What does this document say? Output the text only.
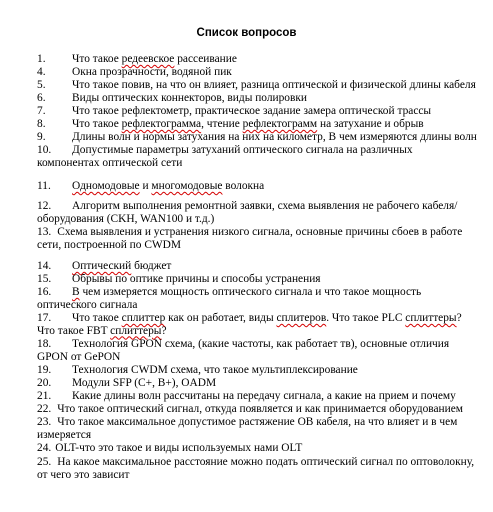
Список вопросов
1. Что такое редеевское рассеивание
4. Окна прозрачности, водяной пик
5. Что такое повив, на что он влияет, разница оптической и физической длины кабеля
6. Виды оптических коннекторов, виды полировки
7. Что такое рефлектометр, практическое задание замера оптической трассы
8. Что такое рефлектограмма, чтение рефлектограмм на затухание и обрыв
9. Длины волн и нормы затухания на них на километр, В чем измеряются длины волн
10. Допустимые параметры затуханий оптического сигнала на различных компонентах оптической сети
11. Одномодовые и многомодовые волокна
12. Алгоритм выполнения ремонтной заявки, схема выявления не рабочего кабеля/оборудования (CKH, WAN100 и т.д.)
13. Схема выявления и устранения низкого сигнала, основные причины сбоев в работе сети, построенной по CWDM
14. Оптический бюджет
15. Обрывы по оптике причины и способы устранения
16. В чем измеряется мощность оптического сигнала и что такое мощность оптического сигнала
17. Что такое сплиттер как он работает, виды сплитеров. Что такое PLC сплиттеры? Что такое FBT сплиттеры?
18. Технология GPON схема, (какие частоты, как работает тв), основные отличия GPON от GePON
19. Технология CWDM схема, что такое мультиплексирование
20. Модули SFP (C+, B+), OADM
21. Какие длины волн рассчитаны на передачу сигнала, а какие на прием и почему
22. Что такое оптический сигнал, откуда появляется и как принимается оборудованием
23. Что такое максимальное допустимое растяжение ОВ кабеля, на что влияет и в чем измеряется
24. OLT-что это такое и виды используемых нами OLT
25. На какое максимальное расстояние можно подать оптический сигнал по оптоволокну, от чего это зависит
